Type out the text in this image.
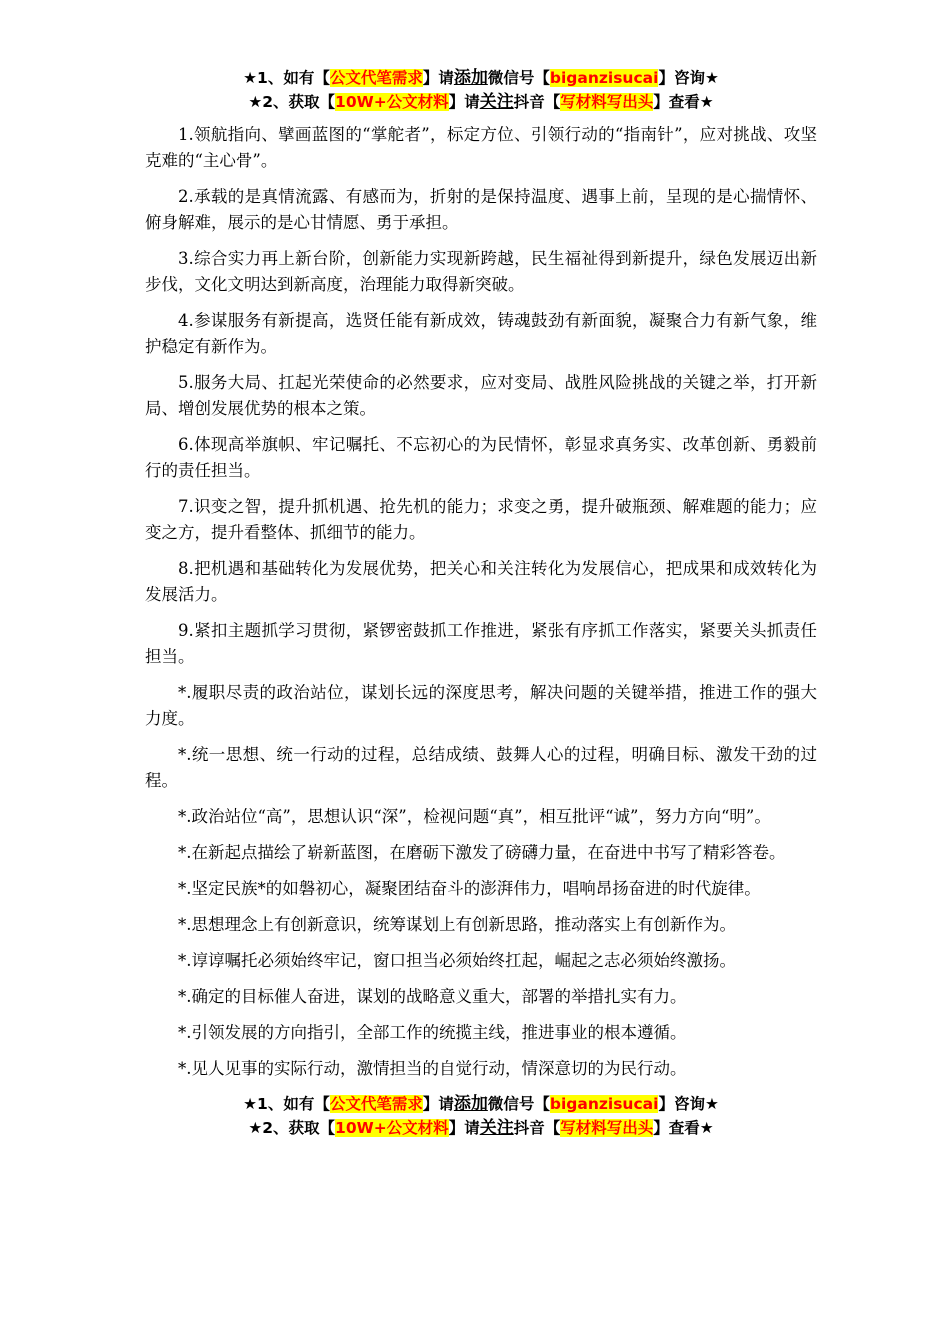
★1、如有【公文代笔需求】请添加微信号【biganzisucai】咨询★
★2、获取【10W+公文材料】请关注抖音【写材料写出头】查看★

1.领航指向、擘画蓝图的“掌舵者”，标定方位、引领行动的“指南针”，应对挑战、攻坚克难的“主心骨”。

2.承载的是真情流露、有感而为，折射的是保持温度、遇事上前，呈现的是心揣情怀、俯身解难，展示的是心甘情愿、勇于承担。

3.综合实力再上新台阶，创新能力实现新跨越，民生福祉得到新提升，绿色发展迈出新步伐，文化文明达到新高度，治理能力取得新突破。

4.参谋服务有新提高，选贤任能有新成效，铸魂鼓劲有新面貌，凝聚合力有新气象，维护稳定有新作为。

5.服务大局、扛起光荣使命的必然要求，应对变局、战胜风险挑战的关键之举，打开新局、增创发展优势的根本之策。

6.体现高举旗帜、牢记嘱托、不忘初心的为民情怀，彰显求真务实、改革创新、勇毅前行的责任担当。

7.识变之智，提升抓机遇、抢先机的能力；求变之勇，提升破瓶颈、解难题的能力；应变之方，提升看整体、抓细节的能力。

8.把机遇和基础转化为发展优势，把关心和关注转化为发展信心，把成果和成效转化为发展活力。

9.紧扣主题抓学习贯彻，紧锣密鼓抓工作推进，紧张有序抓工作落实，紧要关头抓责任担当。

*.履职尽责的政治站位，谋划长远的深度思考，解决问题的关键举措，推进工作的强大力度。

*.统一思想、统一行动的过程，总结成绩、鼓舞人心的过程，明确目标、激发干劲的过程。

*.政治站位“高”，思想认识“深”，检视问题“真”，相互批评“诚”，努力方向“明”。

*.在新起点描绘了崭新蓝图，在磨砺下激发了磅礴力量，在奋进中书写了精彩答卷。

*.坚定民族*的如磐初心，凝聚团结奋斗的澎湃伟力，唱响昂扬奋进的时代旋律。

*.思想理念上有创新意识，统筹谋划上有创新思路，推动落实上有创新作为。

*.谆谆嘱托必须始终牢记，窗口担当必须始终扛起，崛起之志必须始终激扬。

*.确定的目标催人奋进，谋划的战略意义重大，部署的举措扎实有力。

*.引领发展的方向指引，全部工作的统揽主线，推进事业的根本遵循。

*.见人见事的实际行动，激情担当的自觉行动，情深意切的为民行动。

★1、如有【公文代笔需求】请添加微信号【biganzisucai】咨询★
★2、获取【10W+公文材料】请关注抖音【写材料写出头】查看★
